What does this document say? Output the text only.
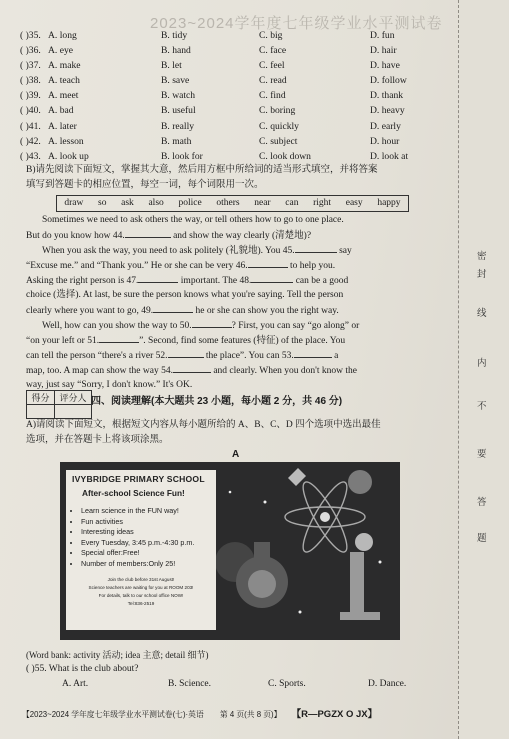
2023~2024学年度七年级学业水平测试卷
( )35. A. long	B. tidy	C. big	D. fun
( )36. A. eye	B. hand	C. face	D. hair
( )37. A. make	B. let	C. feel	D. have
( )38. A. teach	B. save	C. read	D. follow
( )39. A. meet	B. watch	C. find	D. thank
( )40. A. bad	B. useful	C. boring	D. heavy
( )41. A. later	B. really	C. quickly	D. early
( )42. A. lesson	B. math	C. subject	D. hour
( )43. A. look up	B. look for	C. look down	D. look at
B)请先阅读下面短文，掌握其大意，然后用方框中所给词的适当形式填空，并将答案
填写到答题卡的相应位置，每空一词，每个词限用一次。
draw so ask also police others near can right easy happy
Sometimes we need to ask others the way, or tell others how to go to one place.
But do you know how 44.	and show the way clearly (清楚地)?
When you ask the way, you need to ask politely (礼貌地). You 45.	say
“Excuse me.” and “Thank you.” He or she can be very 46.	to help you.
Asking the right person is 47.	important. The 48.	can be a good
choice (选择). At last, be sure the person knows what you're saying. Tell the person
clearly where you want to go, 49.	he or she can show you the right way.
Well, how can you show the way to 50.	? First, you can say “go along” or
“on your left or 51.	”. Second, find some features (特征) of the place. You
can tell the person “there's a river 52.	the place”. You can 53.	a
map, too. A map can show the way 54.	and clearly. When you don't know the
way, just say “Sorry, I don't know.” It's OK.
得分	评分人
	四、阅读理解(本大题共 23 小题，每小题 2 分，共 46 分)
A)请阅读下面短文，根据短文内容从每小题所给的 A、B、C、D 四个选项中选出最佳
选项，并在答题卡上将该项涂黑。
A
IVYBRIDGE PRIMARY SCHOOL
After-school Science Fun!
• Learn science in the FUN way!
• Fun activities
• Interesting ideas
• Every Tuesday, 3:45 p.m.-4:30 p.m.
• Special offer:Free!
• Number of members:Only 25!
Join the club before 31st August!
Science teachers are waiting for you at ROOM 203!
For details, talk to our school office NOW!
Tel:836-2519
(Word bank: activity 活动; idea 主意; detail 细节)
( )55. What is the club about?
A. Art.	B. Science.	C. Sports.	D. Dance.
密
封
线
内
不
要
答
题
【2023~2024 学年度七年级学业水平测试卷(七)·英语 第 4 页(共 8 页)】 【R—PGZX O JX】
